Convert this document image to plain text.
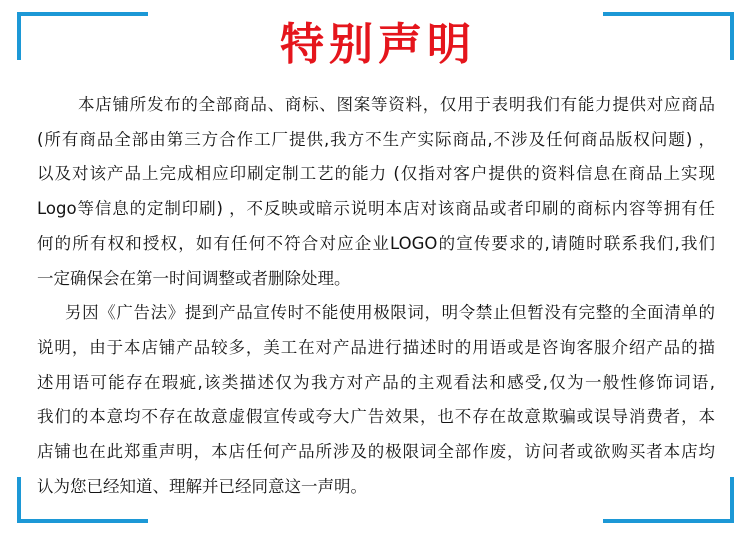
特别声明
本店铺所发布的全部商品、商标、图案等资料，仅用于表明我们有能力提供对应商品
(所有商品全部由第三方合作工厂提供,我方不生产实际商品,不涉及任何商品版权问题) ，
以及对该产品上完成相应印刷定制工艺的能力 (仅指对客户提供的资料信息在商品上实现
Logo等信息的定制印刷) ，不反映或暗示说明本店对该商品或者印刷的商标内容等拥有任
何的所有权和授权，如有任何不符合对应企业LOGO的宣传要求的,请随时联系我们,我们
一定确保会在第一时间调整或者删除处理。
另因《广告法》提到产品宣传时不能使用极限词，明令禁止但暂没有完整的全面清单的
说明，由于本店铺产品较多，美工在对产品进行描述时的用语或是咨询客服介绍产品的描
述用语可能存在瑕疵,该类描述仅为我方对产品的主观看法和感受,仅为一般性修饰词语,
我们的本意均不存在故意虚假宣传或夸大广告效果，也不存在故意欺骗或误导消费者，本
店铺也在此郑重声明，本店任何产品所涉及的极限词全部作废，访问者或欲购买者本店均
认为您已经知道、理解并已经同意这一声明。
